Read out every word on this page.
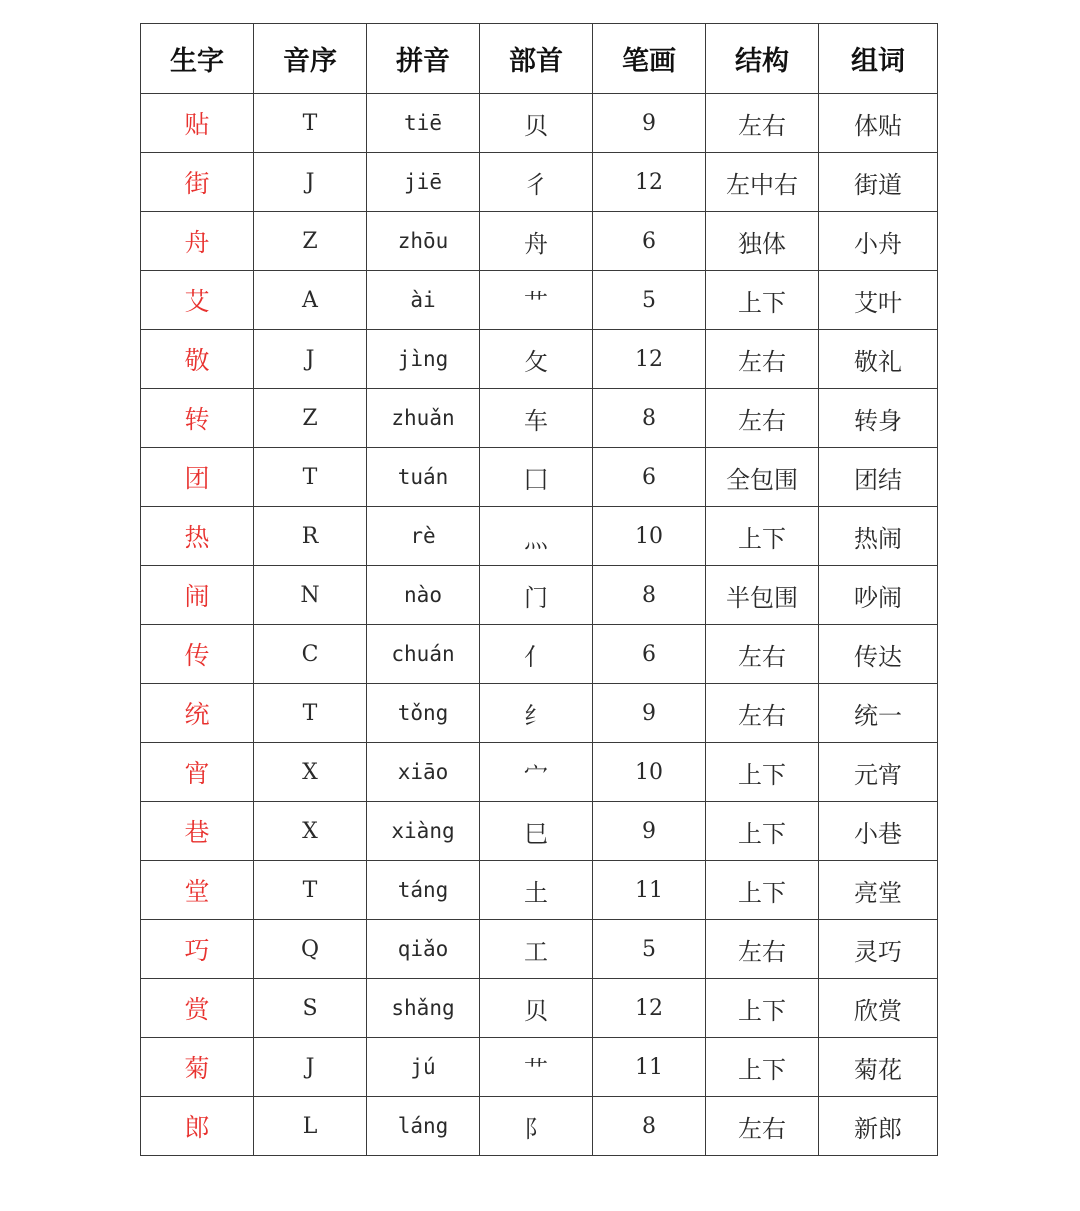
生字	音序	拼音	部首	笔画	结构	组词
贴	T	tiē	贝	9	左右	体贴
街	J	jiē	彳	12	左中右	街道
舟	Z	zhōu	舟	6	独体	小舟
艾	A	ài	艹	5	上下	艾叶
敬	J	jìng	攵	12	左右	敬礼
转	Z	zhuǎn	车	8	左右	转身
团	T	tuán	囗	6	全包围	团结
热	R	rè	灬	10	上下	热闹
闹	N	nào	门	8	半包围	吵闹
传	C	chuán	亻	6	左右	传达
统	T	tǒng	纟	9	左右	统一
宵	X	xiāo	宀	10	上下	元宵
巷	X	xiàng	巳	9	上下	小巷
堂	T	táng	土	11	上下	亮堂
巧	Q	qiǎo	工	5	左右	灵巧
赏	S	shǎng	贝	12	上下	欣赏
菊	J	jú	艹	11	上下	菊花
郎	L	láng	阝	8	左右	新郎
